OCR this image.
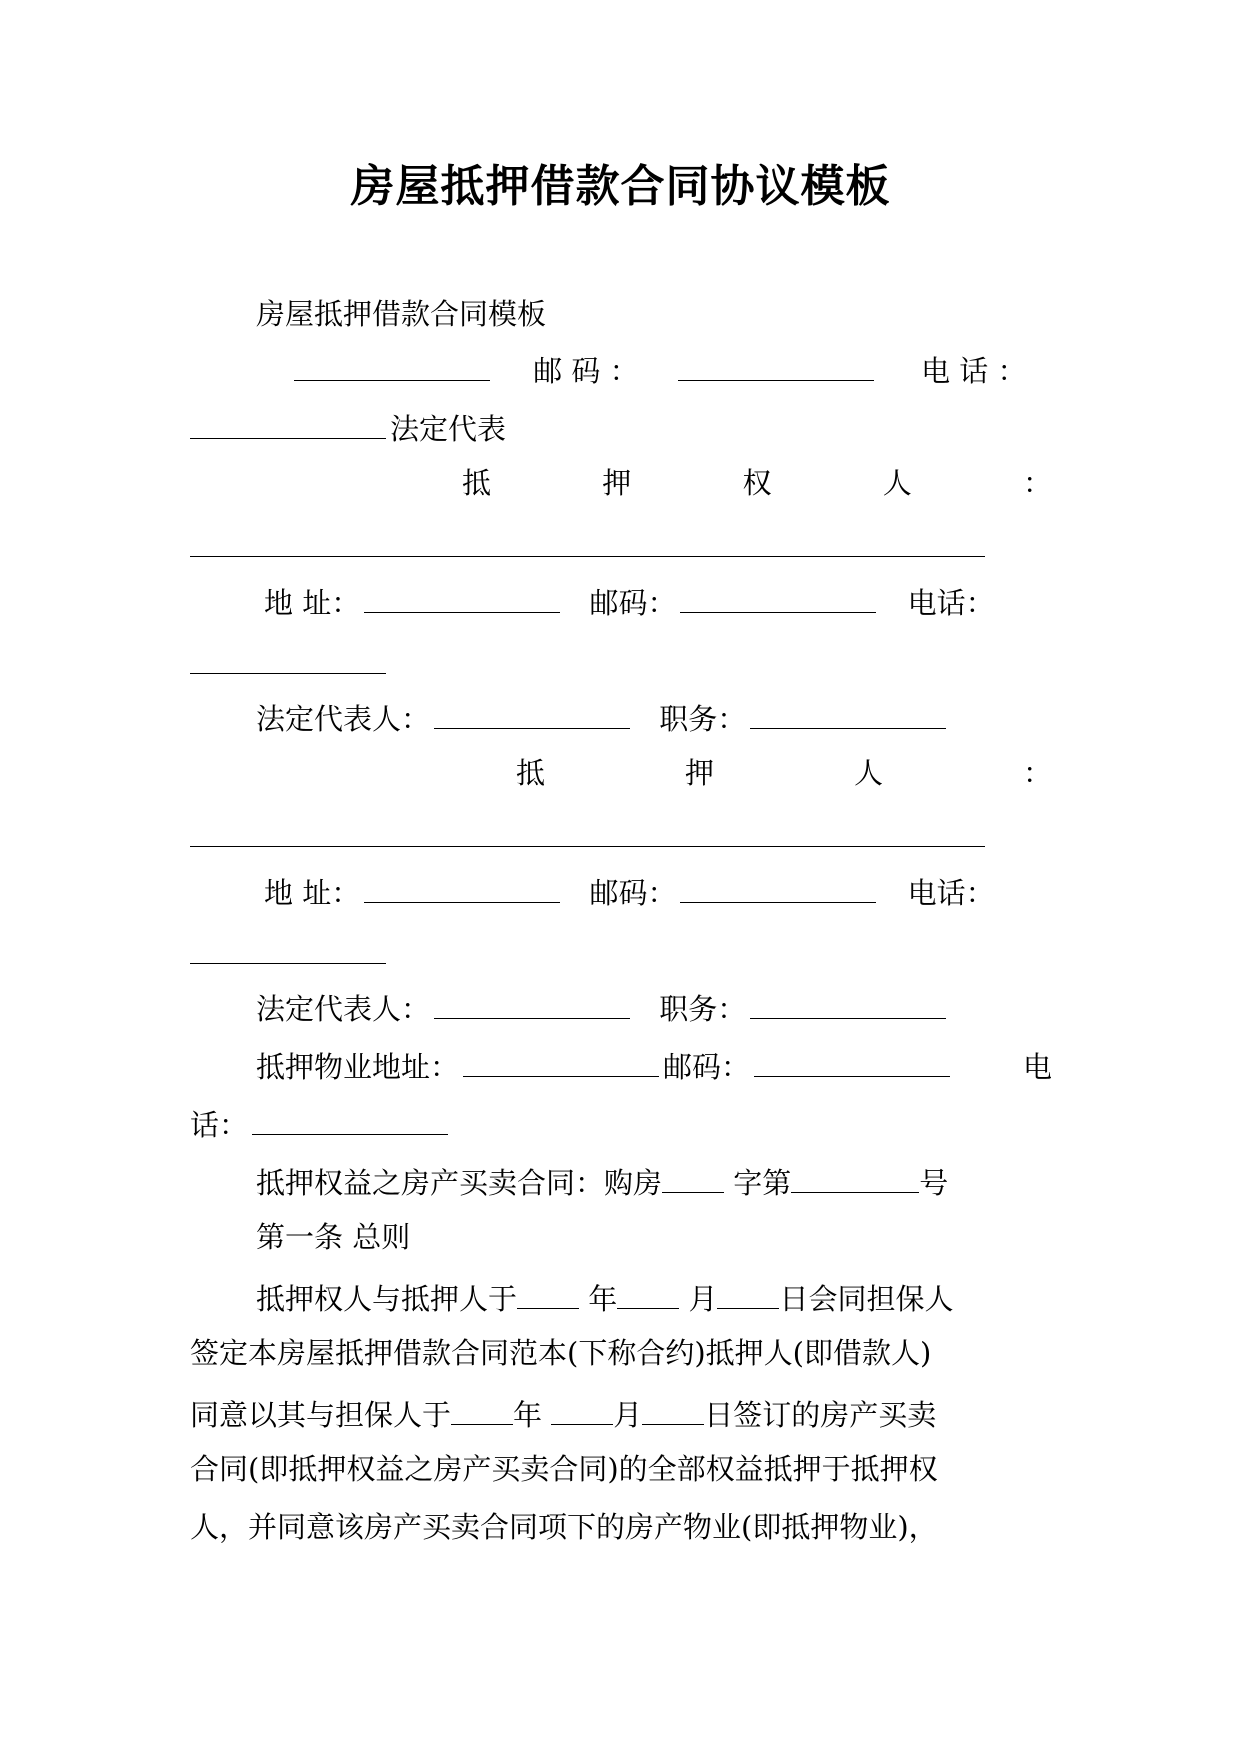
房屋抵押借款合同协议模板
房屋抵押借款合同模板
邮 码 ：	电 话 ：
法定代表
抵	押	权	人	：
地 址：	邮码：	电话：
法定代表人：	职务：
抵	押	人	：
地 址：	邮码：	电话：
法定代表人：	职务：
抵押物业地址：	邮码：	电
话：
抵押权益之房产买卖合同：购房 字第	号
第一条 总则
抵押权人与抵押人于 年 月 日会同担保人
签定本房屋抵押借款合同范本(下称合约)抵押人(即借款人)
同意以其与担保人于 年 月 日签订的房产买卖
合同(即抵押权益之房产买卖合同)的全部权益抵押于抵押权
人，并同意该房产买卖合同项下的房产物业(即抵押物业)，
